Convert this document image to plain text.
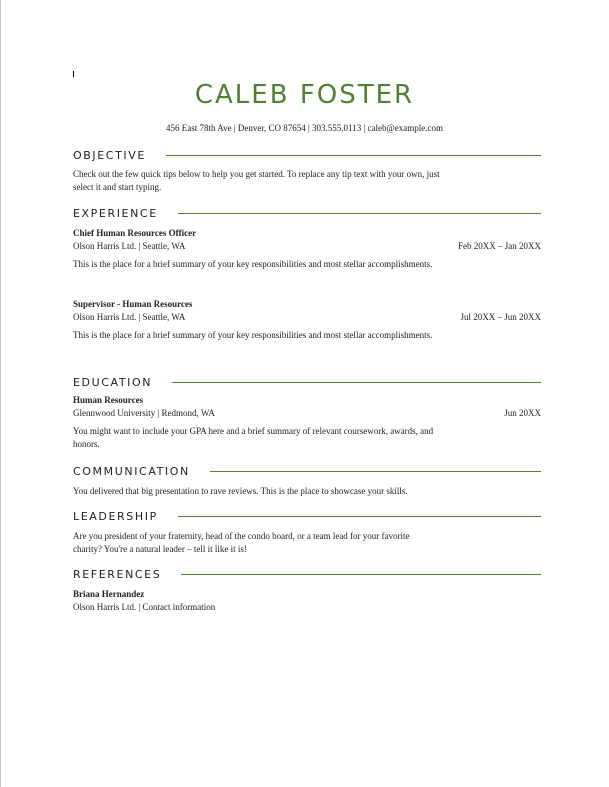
CALEB FOSTER
456 East 78th Ave | Denver, CO 87654 | 303.555.0113 | caleb@example.com
OBJECTIVE
Check out the few quick tips below to help you get started. To replace any tip text with your own, just select it and start typing.
EXPERIENCE
Chief Human Resources Officer
Olson Harris Ltd. | Seattle, WA	Feb 20XX – Jan 20XX
This is the place for a brief summary of your key responsibilities and most stellar accomplishments.
Supervisor - Human Resources
Olson Harris Ltd. | Seattle, WA	Jul 20XX – Jun 20XX
This is the place for a brief summary of your key responsibilities and most stellar accomplishments.
EDUCATION
Human Resources
Glennwood University | Redmond, WA	Jun 20XX
You might want to include your GPA here and a brief summary of relevant coursework, awards, and honors.
COMMUNICATION
You delivered that big presentation to rave reviews. This is the place to showcase your skills.
LEADERSHIP
Are you president of your fraternity, head of the condo board, or a team lead for your favorite charity? You're a natural leader – tell it like it is!
REFERENCES
Briana Hernandez
Olson Harris Ltd. | Contact information
